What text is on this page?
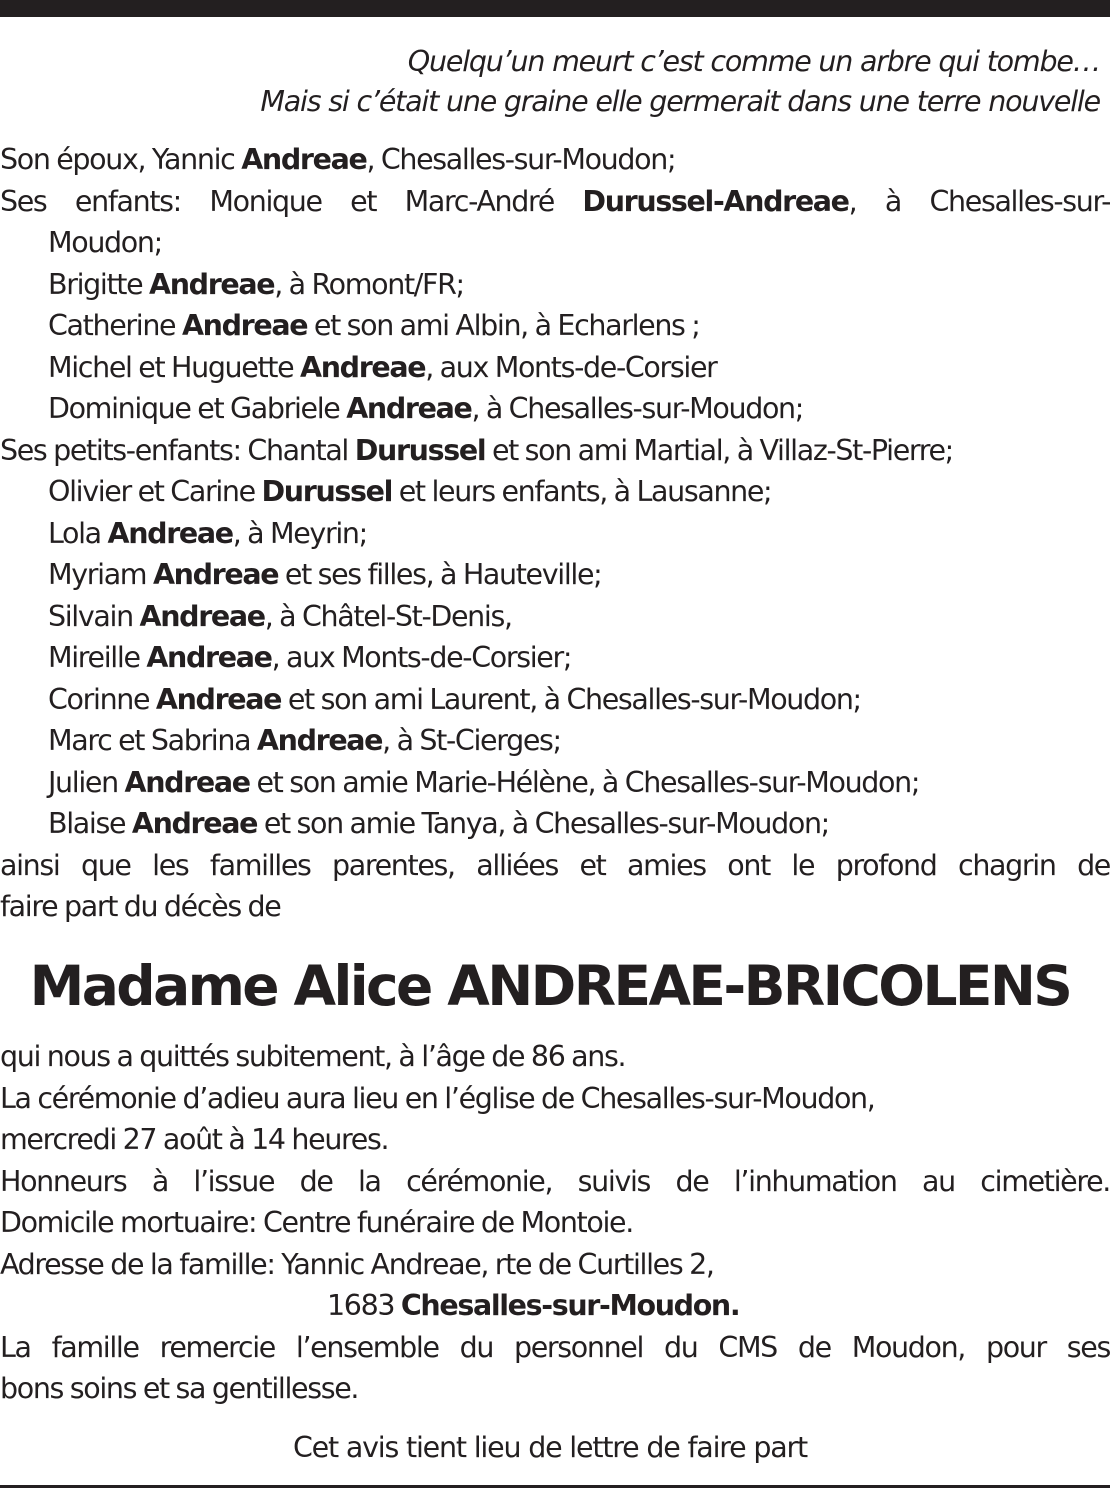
Quelqu’un meurt c’est comme un arbre qui tombe…
Mais si c’était une graine elle germerait dans une terre nouvelle
Son époux, Yannic Andreae, Chesalles-sur-Moudon;
Ses enfants: Monique et Marc-André Durussel-Andreae, à Chesalles-sur-
Moudon;
Brigitte Andreae, à Romont/FR;
Catherine Andreae et son ami Albin, à Echarlens ;
Michel et Huguette Andreae, aux Monts-de-Corsier
Dominique et Gabriele Andreae, à Chesalles-sur-Moudon;
Ses petits-enfants: Chantal Durussel et son ami Martial, à Villaz-St-Pierre;
Olivier et Carine Durussel et leurs enfants, à Lausanne;
Lola Andreae, à Meyrin;
Myriam Andreae et ses filles, à Hauteville;
Silvain Andreae, à Châtel-St-Denis,
Mireille Andreae, aux Monts-de-Corsier;
Corinne Andreae et son ami Laurent, à Chesalles-sur-Moudon;
Marc et Sabrina Andreae, à St-Cierges;
Julien Andreae et son amie Marie-Hélène, à Chesalles-sur-Moudon;
Blaise Andreae et son amie Tanya, à Chesalles-sur-Moudon;
ainsi que les familles parentes, alliées et amies ont le profond chagrin de
faire part du décès de
Madame Alice ANDREAE-BRICOLENS
qui nous a quittés subitement, à l’âge de 86 ans.
La cérémonie d’adieu aura lieu en l’église de Chesalles-sur-Moudon,
mercredi 27 août à 14 heures.
Honneurs à l’issue de la cérémonie, suivis de l’inhumation au cimetière.
Domicile mortuaire: Centre funéraire de Montoie.
Adresse de la famille: Yannic Andreae, rte de Curtilles 2,
1683 Chesalles-sur-Moudon.
La famille remercie l’ensemble du personnel du CMS de Moudon, pour ses
bons soins et sa gentillesse.
Cet avis tient lieu de lettre de faire part
